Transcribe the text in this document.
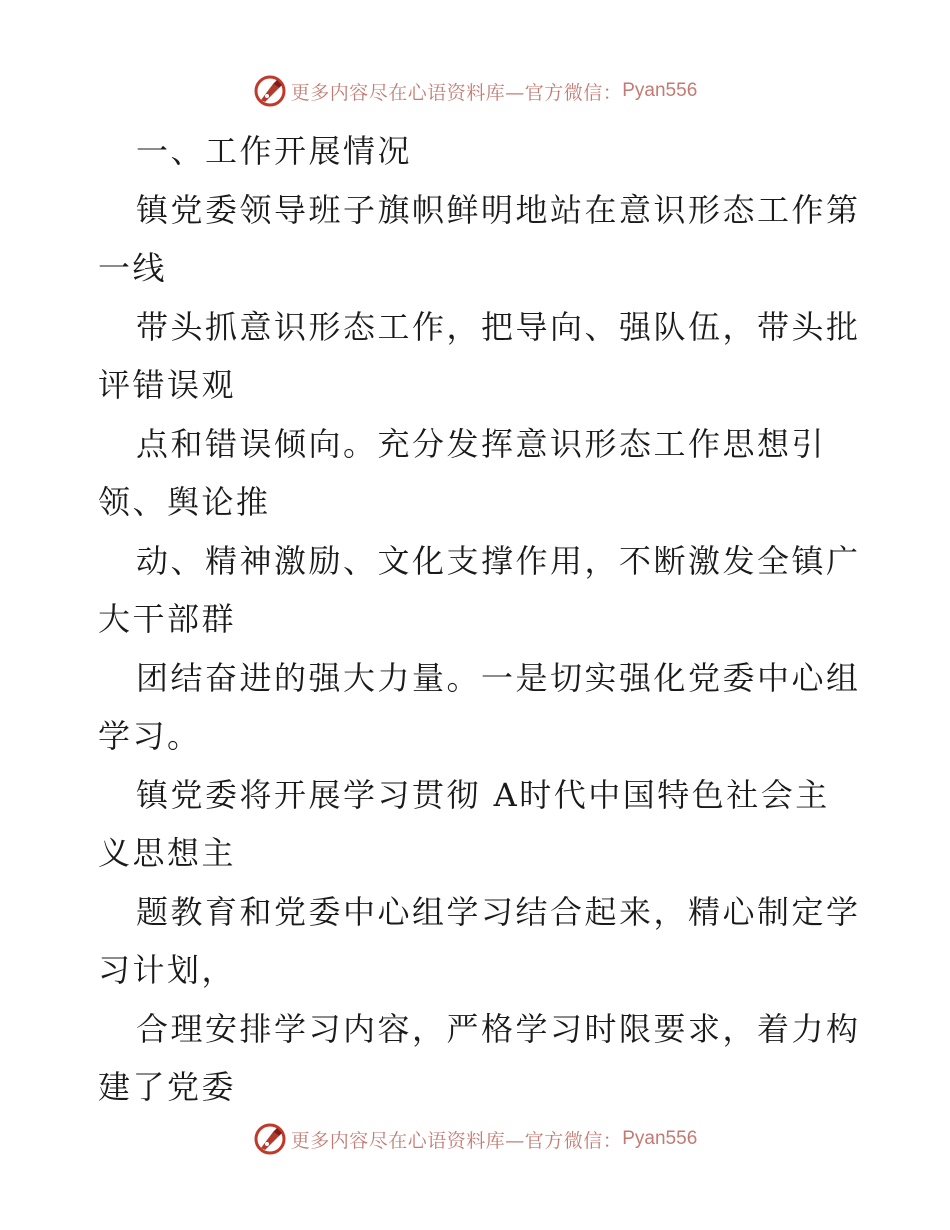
更多内容尽在心语资料库—官方微信： Pyan556
一、工作开展情况
镇党委领导班子旗帜鲜明地站在意识形态工作第
一线
带头抓意识形态工作，把导向、强队伍，带头批
评错误观
点和错误倾向。充分发挥意识形态工作思想引
领、舆论推
动、精神激励、文化支撑作用，不断激发全镇广
大干部群
团结奋进的强大力量。一是切实强化党委中心组
学习。
镇党委将开展学习贯彻 A时代中国特色社会主
义思想主
题教育和党委中心组学习结合起来，精心制定学
习计划，
合理安排学习内容，严格学习时限要求，着力构
建了党委
更多内容尽在心语资料库—官方微信： Pyan556
